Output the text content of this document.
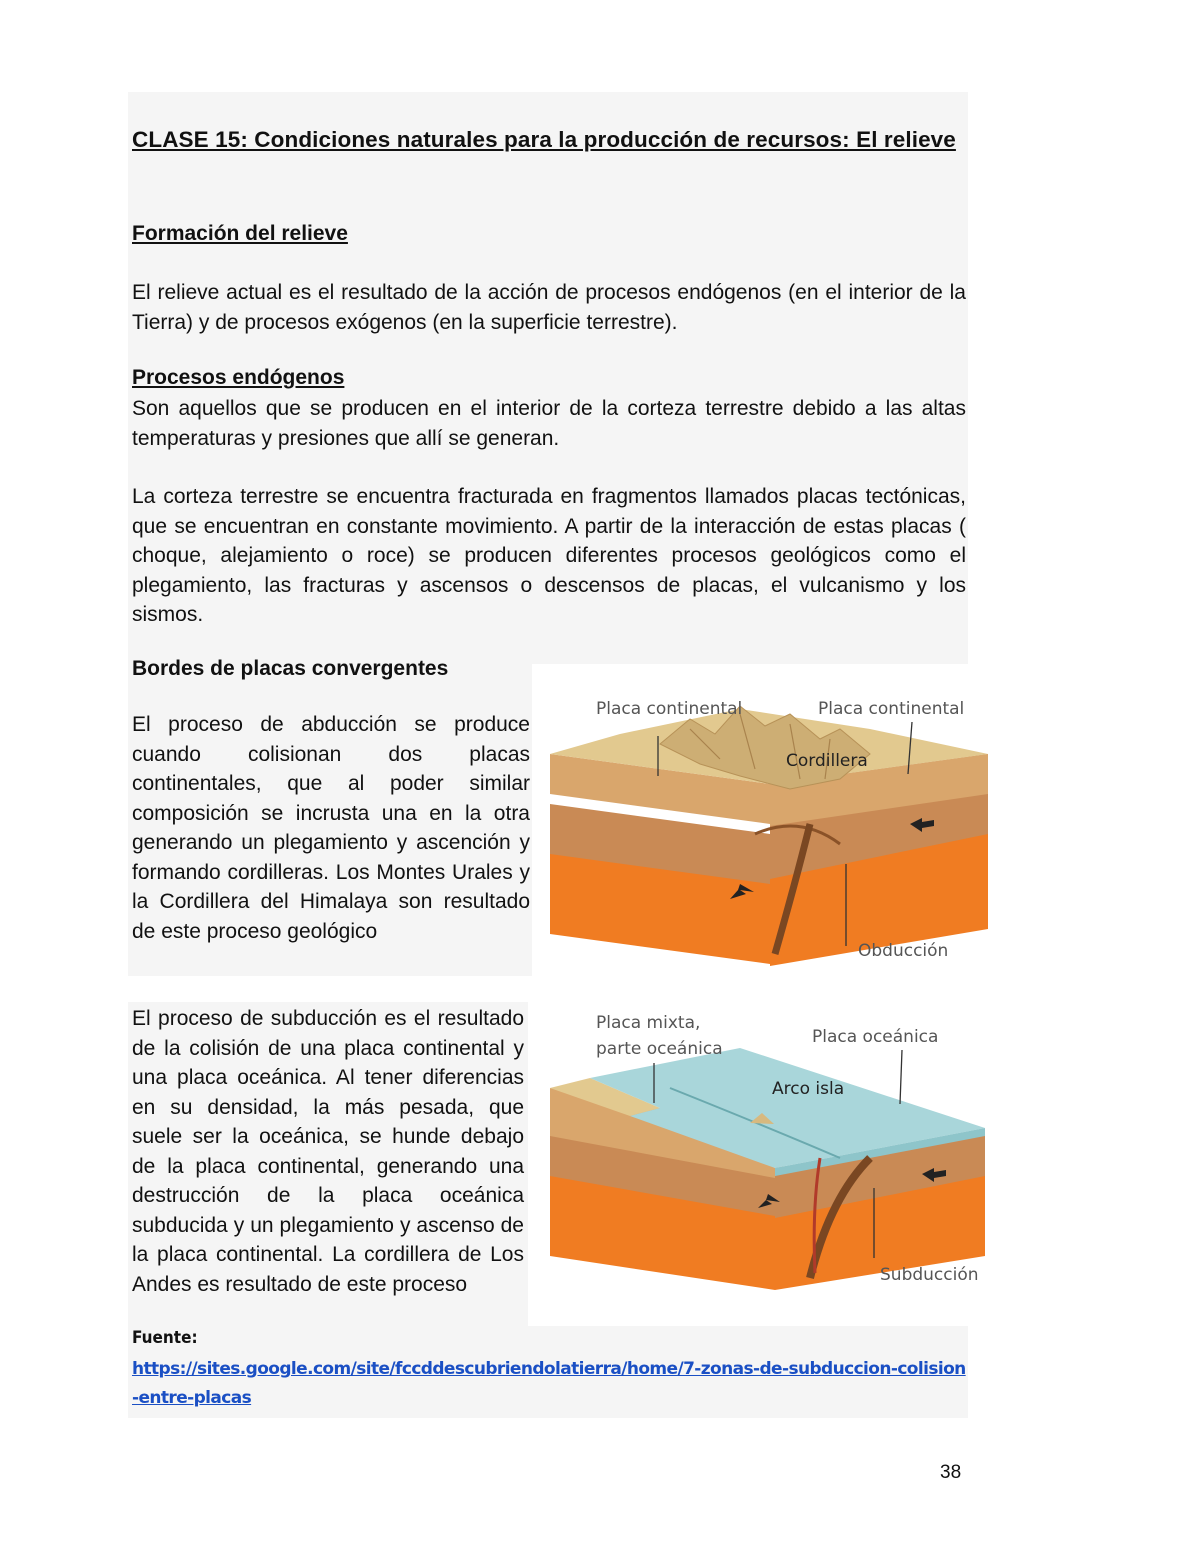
CLASE 15: Condiciones naturales para la producción de recursos: El relieve
Formación del relieve

El relieve actual es el resultado de la acción de procesos endógenos (en el interior de la Tierra) y de procesos exógenos (en la superficie terrestre).

Procesos endógenos

Son aquellos que se producen en el interior de la corteza terrestre debido a las altas temperaturas y presiones que allí se generan.

La corteza terrestre se encuentra fracturada en fragmentos llamados placas tectónicas, que se encuentran en constante movimiento. A partir de la interacción de estas placas ( choque, alejamiento o roce) se producen diferentes procesos geológicos como el plegamiento, las fracturas y ascensos o descensos de placas, el vulcanismo y los sismos.

Bordes de placas convergentes

El proceso de abducción se produce cuando colisionan dos placas continentales, que al poder similar composición se incrusta una en la otra generando un plegamiento y ascención y formando cordilleras. Los Montes Urales y la Cordillera del Himalaya son resultado de este proceso geológico

El proceso de subducción es el resultado de la colisión de una placa continental y una placa oceánica. Al tener diferencias en su densidad, la más pesada, que suele ser la oceánica, se hunde debajo de la placa continental, generando una destrucción de la placa oceánica subducida y un plegamiento y ascenso de la placa continental. La cordillera de Los Andes es resultado de este proceso

Placa continental	Placa continental
Cordillera
Obducción
Placa mixta,
parte oceánica
Placa oceánica
Arco isla
Subducción

Fuente:

https://sites.google.com/site/fccddescubriendolatierra/home/7-zonas-de-subduccion-colision-entre-placas

38
